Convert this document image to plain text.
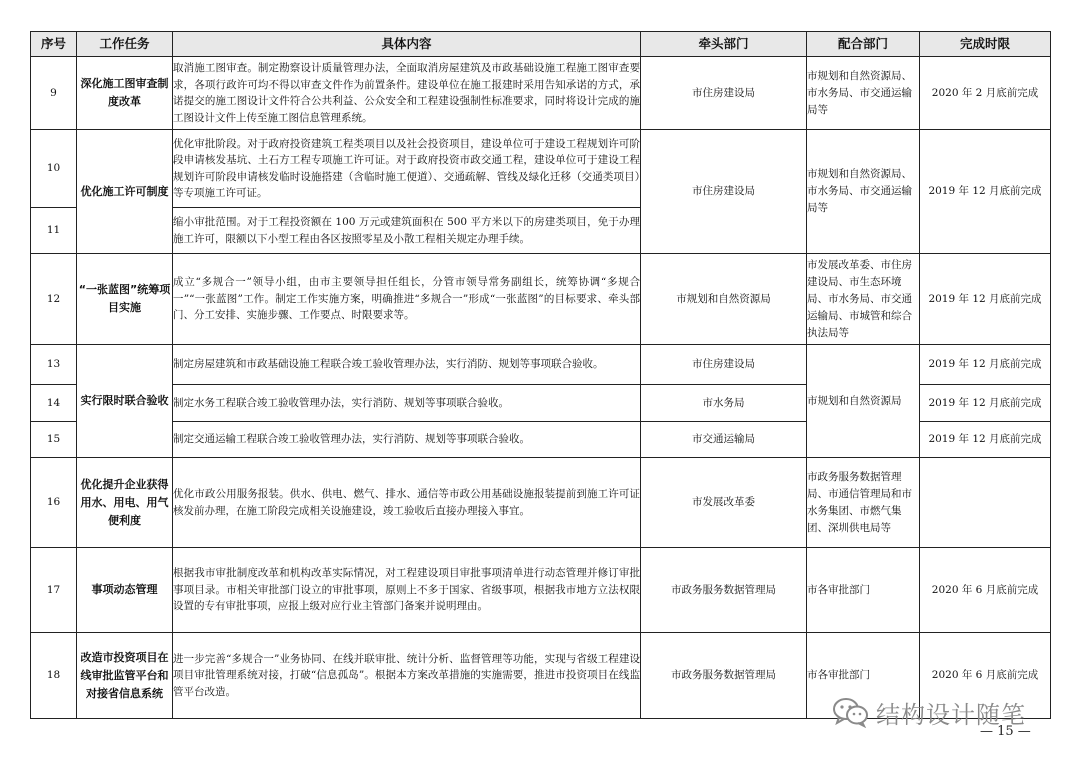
序号	工作任务	具体内容	牵头部门	配合部门	完成时限
9	深化施工图审查制度改革	取消施工图审查。制定勘察设计质量管理办法，全面取消房屋建筑及市政基础设施工程施工图审查要求，各项行政许可均不得以审查文件作为前置条件。建设单位在施工报建时采用告知承诺的方式，承诺提交的施工图设计文件符合公共利益、公众安全和工程建设强制性标准要求，同时将设计完成的施工图设计文件上传至施工图信息管理系统。	市住房建设局	市规划和自然资源局、市水务局、市交通运输局等	2020 年 2 月底前完成
10	优化施工许可制度	优化审批阶段。对于政府投资建筑工程类项目以及社会投资项目，建设单位可于建设工程规划许可阶段申请核发基坑、土石方工程专项施工许可证。对于政府投资市政交通工程，建设单位可于建设工程规划许可阶段申请核发临时设施搭建（含临时施工便道）、交通疏解、管线及绿化迁移（交通类项目）等专项施工许可证。	市住房建设局	市规划和自然资源局、市水务局、市交通运输局等	2019 年 12 月底前完成
11		缩小审批范围。对于工程投资额在 100 万元或建筑面积在 500 平方米以下的房建类项目，免于办理施工许可，限额以下小型工程由各区按照零星及小散工程相关规定办理手续。			
12	“一张蓝图”统筹项目实施	成立“多规合一”领导小组，由市主要领导担任组长，分管市领导常务副组长，统筹协调“多规合一”“一张蓝图”工作。制定工作实施方案，明确推进“多规合一”形成“一张蓝图”的目标要求、牵头部门、分工安排、实施步骤、工作要点、时限要求等。	市规划和自然资源局	市发展改革委、市住房建设局、市生态环境局、市水务局、市交通运输局、市城管和综合执法局等	2019 年 12 月底前完成
13	实行限时联合验收	制定房屋建筑和市政基础设施工程联合竣工验收管理办法，实行消防、规划等事项联合验收。	市住房建设局	市规划和自然资源局	2019 年 12 月底前完成
14		制定水务工程联合竣工验收管理办法，实行消防、规划等事项联合验收。	市水务局		2019 年 12 月底前完成
15		制定交通运输工程联合竣工验收管理办法，实行消防、规划等事项联合验收。	市交通运输局		2019 年 12 月底前完成
16	优化提升企业获得用水、用电、用气便利度	优化市政公用服务报装。供水、供电、燃气、排水、通信等市政公用基础设施报装提前到施工许可证核发前办理，在施工阶段完成相关设施建设，竣工验收后直接办理接入事宜。	市发展改革委	市政务服务数据管理局、市通信管理局和市水务集团、市燃气集团、深圳供电局等	
17	事项动态管理	根据我市审批制度改革和机构改革实际情况，对工程建设项目审批事项清单进行动态管理并修订审批事项目录。市相关审批部门设立的审批事项，原则上不多于国家、省级事项，根据我市地方立法权限设置的专有审批事项，应报上级对应行业主管部门备案并说明理由。	市政务服务数据管理局	市各审批部门	2020 年 6 月底前完成
18	改造市投资项目在线审批监管平台和对接省信息系统	进一步完善“多规合一”业务协同、在线并联审批、统计分析、监督管理等功能，实现与省级工程建设项目审批管理系统对接，打破“信息孤岛”。根据本方案改革措施的实施需要，推进市投资项目在线监管平台改造。	市政务服务数据管理局	市各审批部门	2020 年 6 月底前完成
结构设计随笔
— 15 —
